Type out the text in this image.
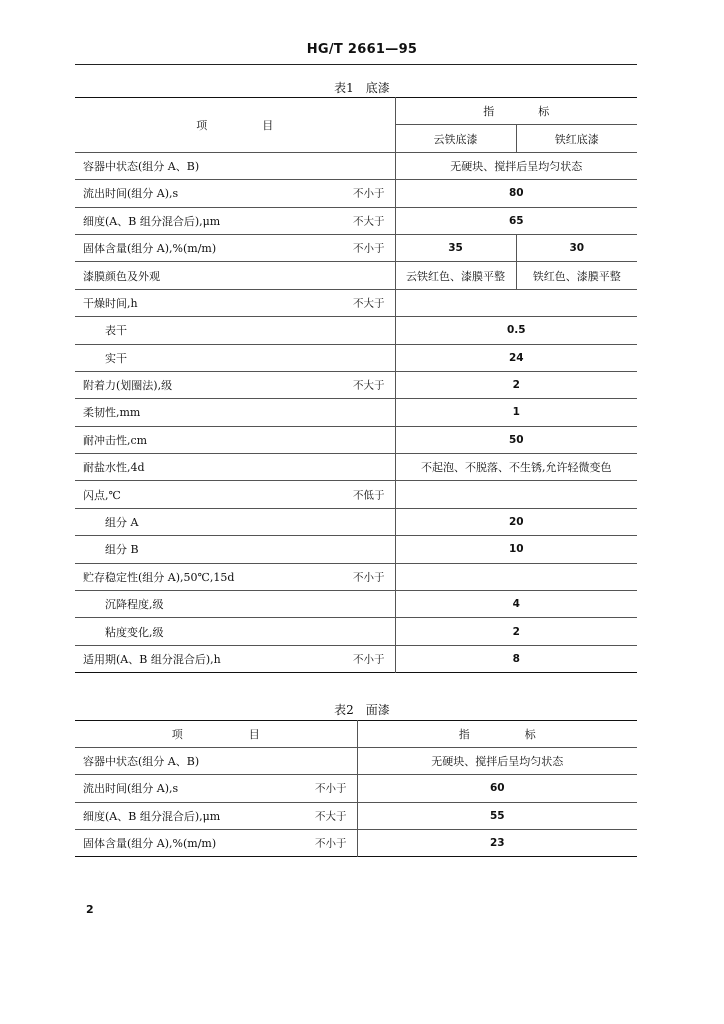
HG/T 2661—95
表1　底漆
项　　　　　目	指　　　　标	
	云铁底漆	铁红底漆
容器中状态(组分 A、B)	无硬块、搅拌后呈均匀状态	
流出时间(组分 A),s 不小于	80	
细度(A、B 组分混合后),μm 不大于	65	
固体含量(组分 A),%(m/m) 不小于	35	30
漆膜颜色及外观	云铁红色、漆膜平整	铁红色、漆膜平整
干燥时间,h 不大于		

表干	0.5	
实干	24	
附着力(划圈法),级 不大于	2	
柔韧性,mm	1	
耐冲击性,cm	50	
耐盐水性,4d	不起泡、不脱落、不生锈,允许轻微变色	
闪点,℃ 不低于		

组分 A	20	
组分 B	10	
贮存稳定性(组分 A),50℃,15d 不小于		

沉降程度,级	4	
粘度变化,级	2	
适用期(A、B 组分混合后),h 不小于	8	
表2　面漆
项　　　　　　目	指　　　　　标
容器中状态(组分 A、B)	无硬块、搅拌后呈均匀状态
流出时间(组分 A),s 不小于	60
细度(A、B 组分混合后),μm 不大于	55
固体含量(组分 A),%(m/m) 不小于	23
2
